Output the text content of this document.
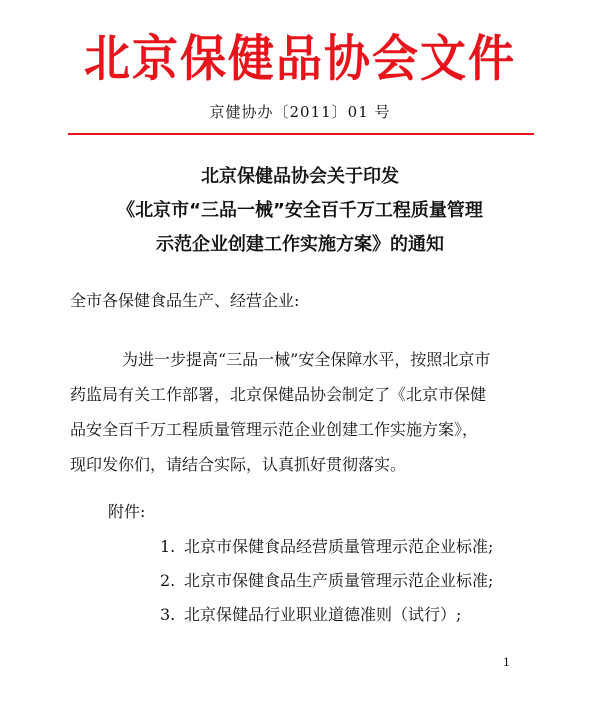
北京保健品协会文件
京健协办〔2011〕01 号
北京保健品协会关于印发
《北京市“三品一械”安全百千万工程质量管理
示范企业创建工作实施方案》的通知
全市各保健食品生产、经营企业:
为进一步提高“三品一械”安全保障水平，按照北京市
药监局有关工作部署，北京保健品协会制定了《北京市保健
品安全百千万工程质量管理示范企业创建工作实施方案》，
现印发你们，请结合实际，认真抓好贯彻落实。
附件:
1. 北京市保健食品经营质量管理示范企业标准;
2. 北京市保健食品生产质量管理示范企业标准;
3. 北京保健品行业职业道德准则（试行）;
1
